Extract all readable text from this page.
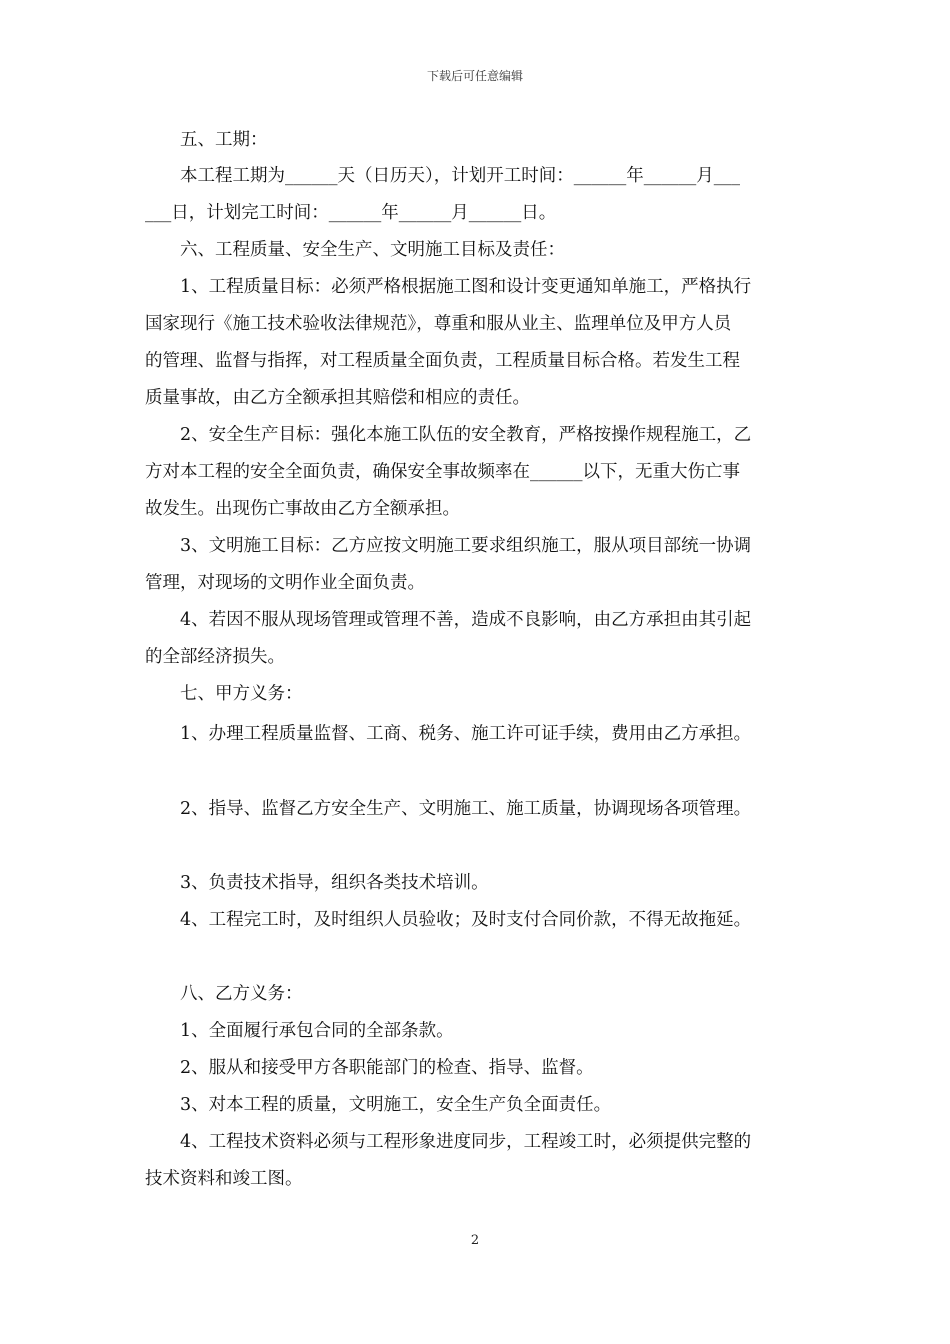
下载后可任意编辑
五、工期：
本工程工期为______天（日历天），计划开工时间：______年______月___
___日，计划完工时间：______年______月______日。
六、工程质量、安全生产、文明施工目标及责任：
1、工程质量目标：必须严格根据施工图和设计变更通知单施工，严格执行
国家现行《施工技术验收法律规范》，尊重和服从业主、监理单位及甲方人员
的管理、监督与指挥，对工程质量全面负责，工程质量目标合格。若发生工程
质量事故，由乙方全额承担其赔偿和相应的责任。
2、安全生产目标：强化本施工队伍的安全教育，严格按操作规程施工，乙
方对本工程的安全全面负责，确保安全事故频率在______以下，无重大伤亡事
故发生。出现伤亡事故由乙方全额承担。
3、文明施工目标：乙方应按文明施工要求组织施工，服从项目部统一协调
管理，对现场的文明作业全面负责。
4、若因不服从现场管理或管理不善，造成不良影响，由乙方承担由其引起
的全部经济损失。
七、甲方义务：
1、办理工程质量监督、工商、税务、施工许可证手续，费用由乙方承担。
2、指导、监督乙方安全生产、文明施工、施工质量，协调现场各项管理。
3、负责技术指导，组织各类技术培训。
4、工程完工时，及时组织人员验收；及时支付合同价款，不得无故拖延。
八、乙方义务：
1、全面履行承包合同的全部条款。
2、服从和接受甲方各职能部门的检查、指导、监督。
3、对本工程的质量，文明施工，安全生产负全面责任。
4、工程技术资料必须与工程形象进度同步，工程竣工时，必须提供完整的
技术资料和竣工图。
2
